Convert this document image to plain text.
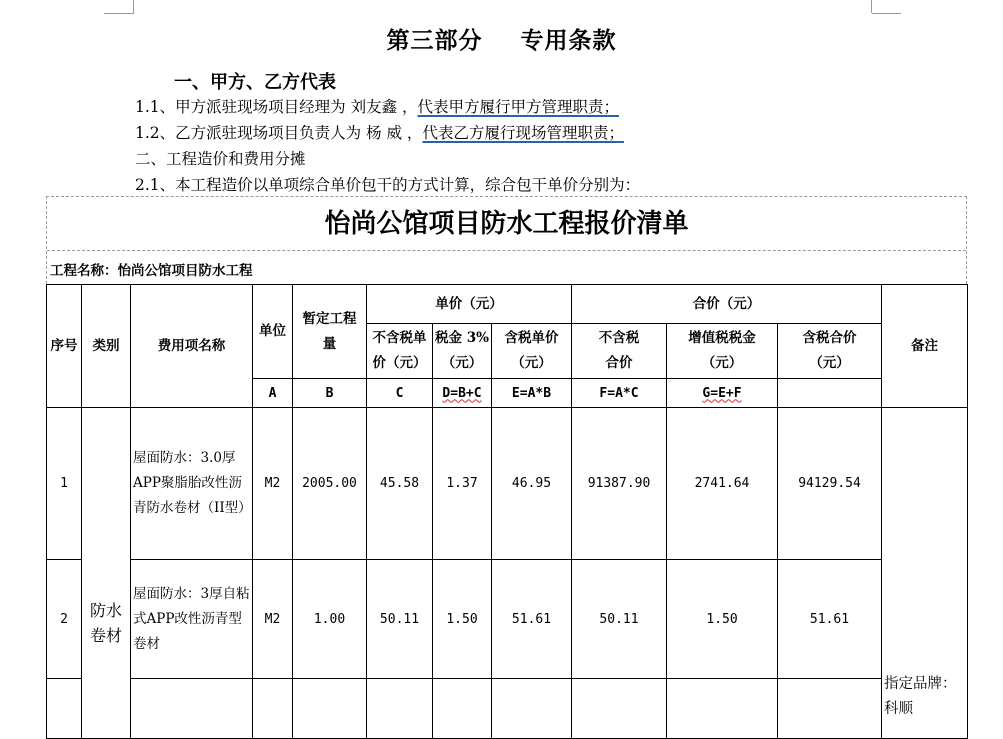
第三部分 专用条款
一、甲方、乙方代表
1.1、甲方派驻现场项目经理为 刘友鑫 ，代表甲方履行甲方管理职责；
1.2、乙方派驻现场项目负责人为 杨 威 ，代表乙方履行现场管理职责；
二、工程造价和费用分摊
2.1、本工程造价以单项综合单价包干的方式计算，综合包干单价分别为：
怡尚公馆项目防水工程报价清单
工程名称：怡尚公馆项目防水工程
序号	类别	费用项名称	单位	暂定工程量	单价（元）			合价（元）			备注
					不含税单价（元）	税金 3%（元）	含税单价（元）	不含税合价	增值税税金（元）	含税合价（元）	
			A	B	C	D=B+C	E=A*B	F=A*C	G=E+F		
1	防水卷材	屋面防水：3.0厚APP聚脂胎改性沥青防水卷材（II型）	M2	2005.00	45.58	1.37	46.95	91387.90	2741.64	94129.54	指定品牌：科顺

2		屋面防水：3厚自粘式APP改性沥青型卷材	M2	1.00	50.11	1.50	51.61	50.11	1.50	51.61	
